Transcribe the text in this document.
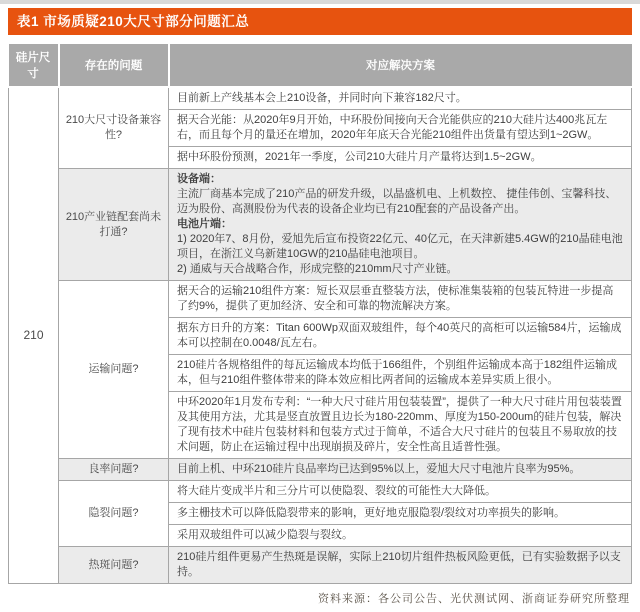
表1 市场质疑210大尺寸部分问题汇总
硅片尺寸	存在的问题	对应解决方案
210	210大尺寸设备兼容性?	目前新上产线基本会上210设备，并同时向下兼容182尺寸。
		据天合光能：从2020年9月开始，中环股份间接向天合光能供应的210大硅片达400兆瓦左右，而且每个月的量还在增加，2020年年底天合光能210组件出货量有望达到1~2GW。
		据中环股份预测，2021年一季度，公司210大硅片月产量将达到1.5~2GW。
	210产业链配套尚未打通?	设备端：
主流厂商基本完成了210产品的研发升级，以晶盛机电、上机数控、 捷佳伟创、宝馨科技、迈为股份、高测股份为代表的设备企业均已有210配套的产品设备产出。
电池片端：
1) 2020年7、8月份，爱旭先后宣布投资22亿元、40亿元，在天津新建5.4GW的210晶硅电池项目，在浙江义乌新建10GW的210晶硅电池项目。
2) 通威与天合战略合作，形成完整的210mm尺寸产业链。

	运输问题?	据天合的运输210组件方案：短长双层垂直整装方法，使标准集装箱的包装瓦特进一步提高了约9%，提供了更加经济、安全和可靠的物流解决方案。
		据东方日升的方案：Titan 600Wp双面双玻组件，每个40英尺的高柜可以运输584片，运输成本可以控制在0.0048/瓦左右。
		210硅片各规格组件的每瓦运输成本均低于166组件，个别组件运输成本高于182组件运输成本，但与210组件整体带来的降本效应相比两者间的运输成本差异实质上很小。
		中环2020年1月发布专利：“一种大尺寸硅片用包装装置”，提供了一种大尺寸硅片用包装装置及其使用方法，尤其是竖直放置且边长为180-220mm、厚度为150-200um的硅片包装，解决了现有技术中硅片包装材料和包装方式过于简单，不适合大尺寸硅片的包装且不易取放的技术问题，防止在运输过程中出现崩损及碎片，安全性高且适普性强。
	良率问题?	目前上机、中环210硅片良品率均已达到95%以上，爱旭大尺寸电池片良率为95%。
	隐裂问题?	将大硅片变成半片和三分片可以使隐裂、裂纹的可能性大大降低。
		多主栅技术可以降低隐裂带来的影响，更好地克服隐裂/裂纹对功率损失的影响。
		采用双玻组件可以减少隐裂与裂纹。
	热斑问题?	210硅片组件更易产生热斑是误解，实际上210切片组件热板风险更低，已有实验数据予以支持。
资料来源：各公司公告、光伏测试网、浙商证券研究所整理
